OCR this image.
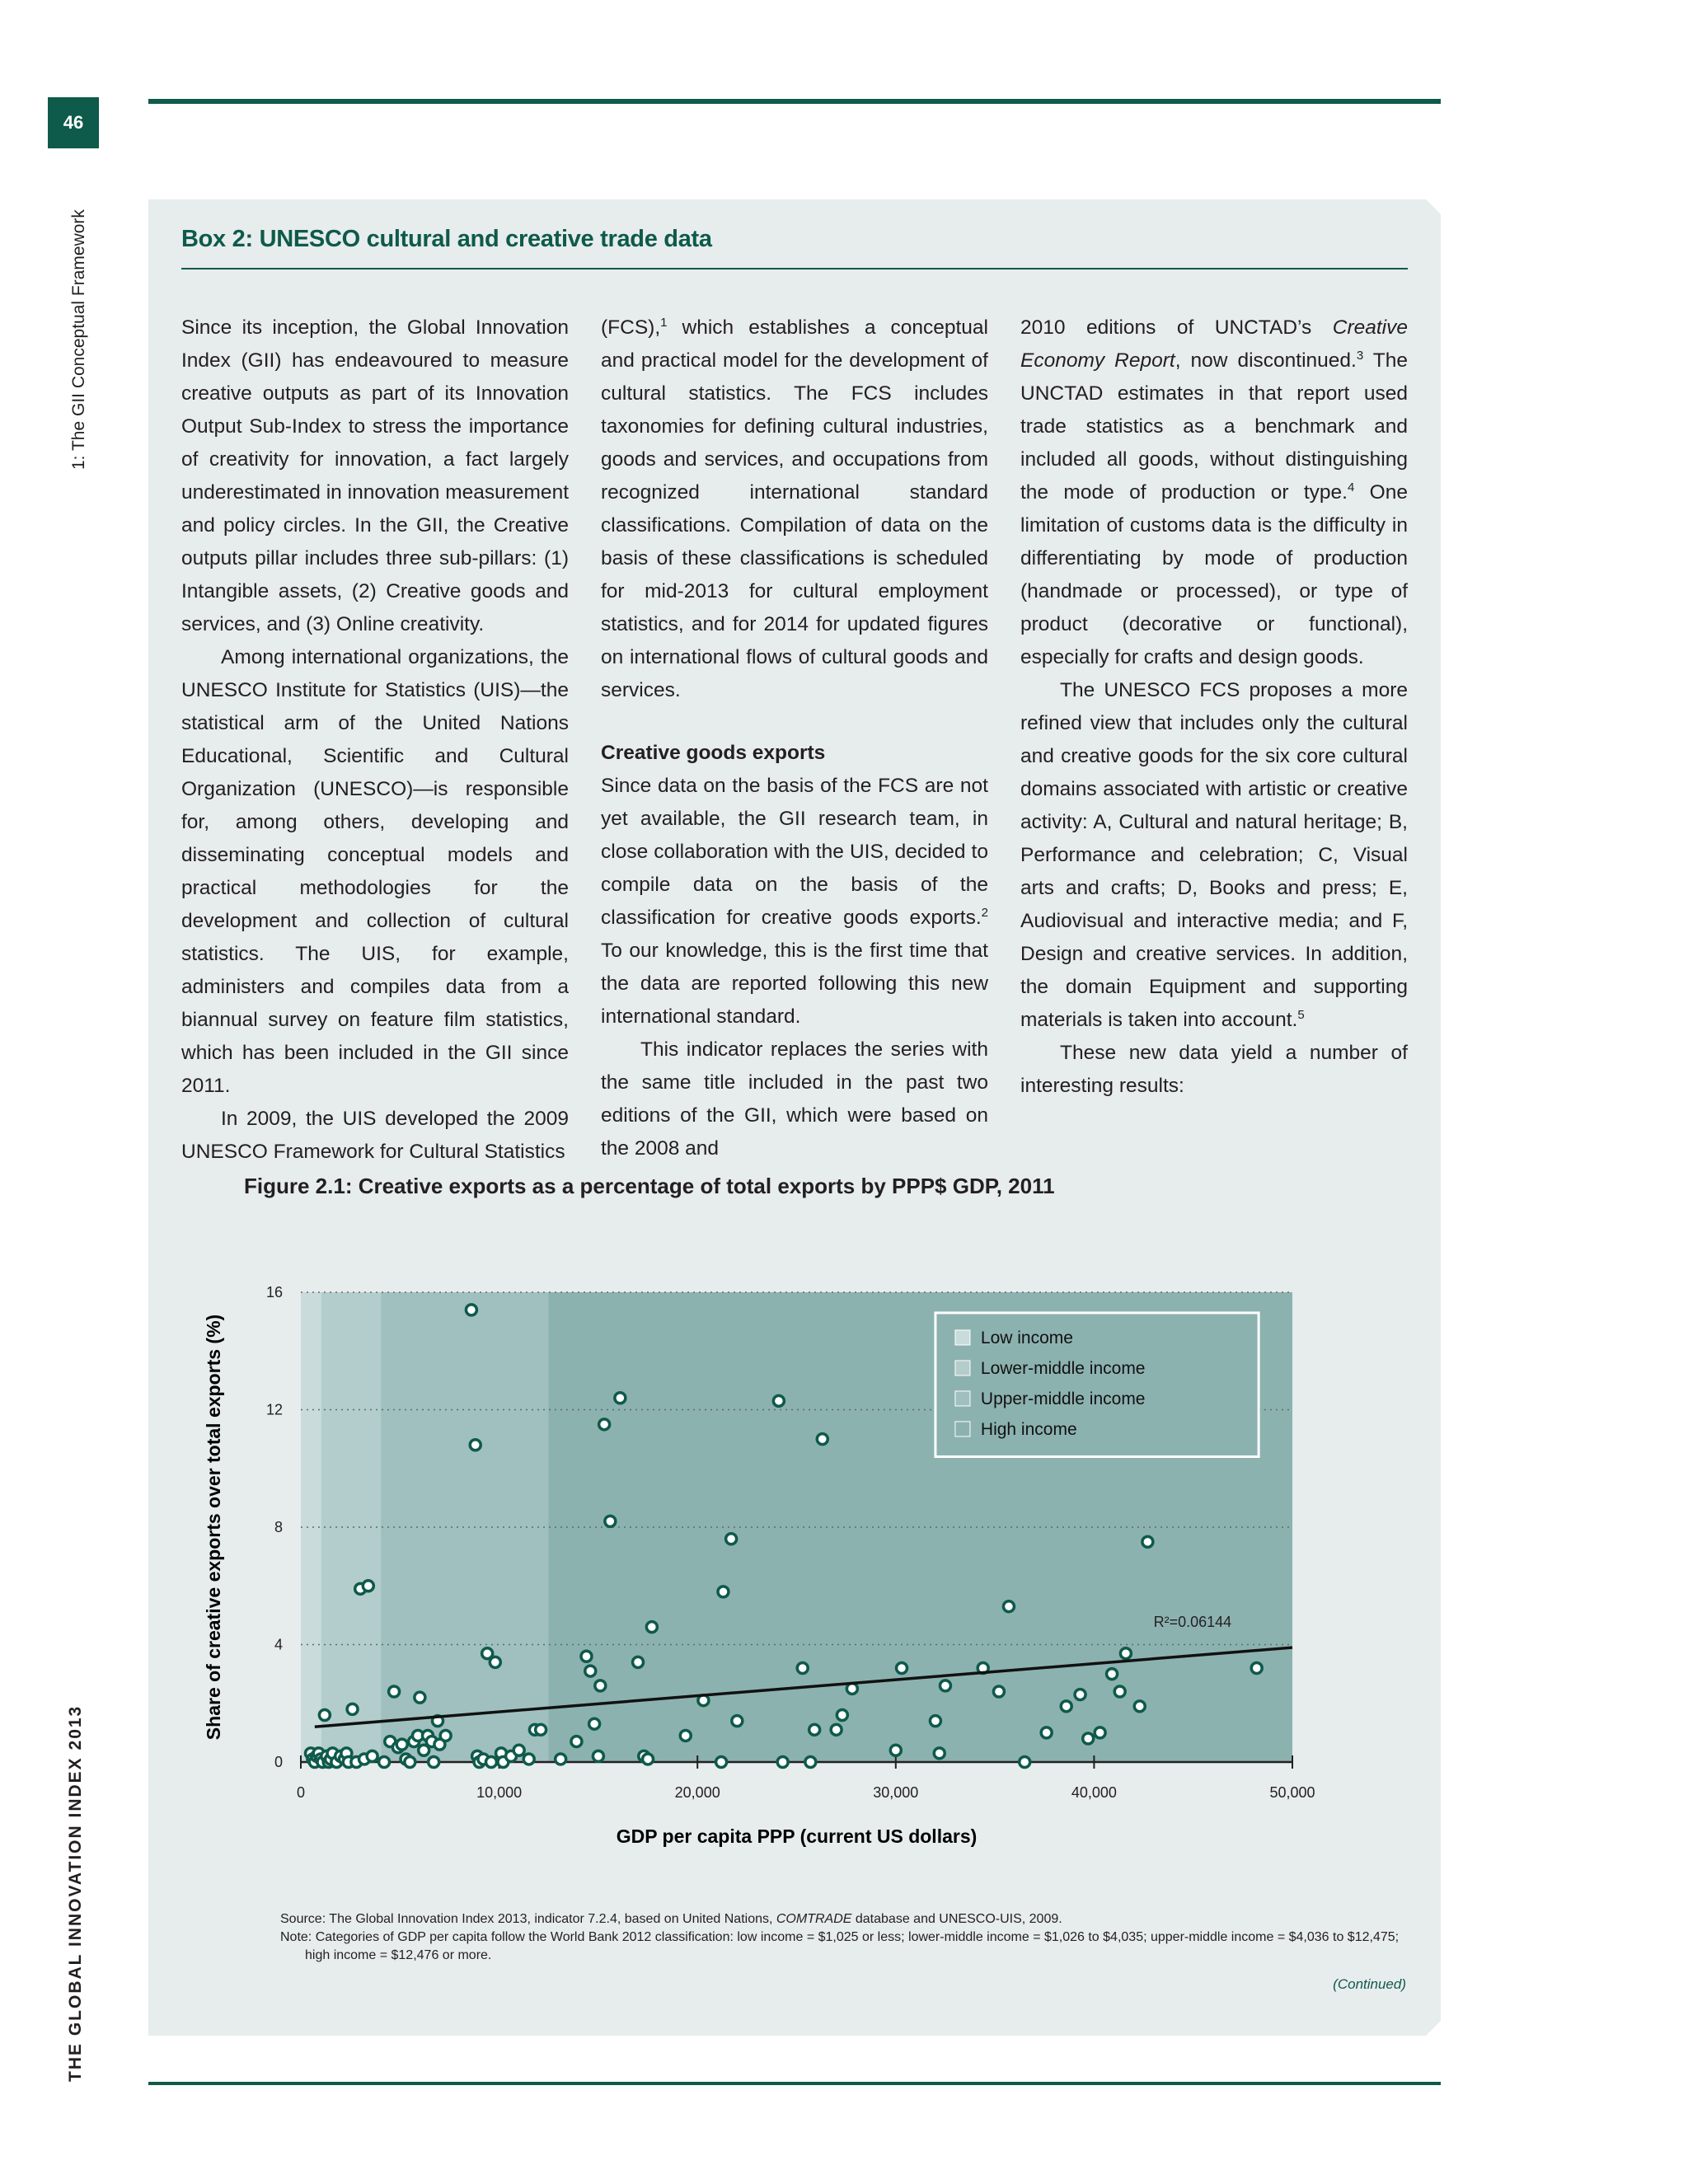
46
1: The GII Conceptual Framework
THE GLOBAL INNOVATION INDEX 2013
Box 2: UNESCO cultural and creative trade data

Since its inception, the Global Innovation Index (GII) has endeavoured to measure creative outputs as part of its Innovation Output Sub-Index to stress the importance of creativity for innovation, a fact largely underestimated in innovation measurement and policy circles. In the GII, the Creative outputs pillar includes three sub-pillars: (1) Intangible assets, (2) Creative goods and services, and (3) Online creativity.

Among international organizations, the UNESCO Institute for Statistics (UIS)—the statistical arm of the United Nations Educational, Scientific and Cultural Organization (UNESCO)—is responsible for, among others, developing and disseminating conceptual models and practical methodologies for the development and collection of cultural statistics. The UIS, for example, administers and compiles data from a biannual survey on feature film statistics, which has been included in the GII since 2011.

In 2009, the UIS developed the 2009 UNESCO Framework for Cultural Statistics

(FCS),$^1$ which establishes a conceptual and practical model for the development of cultural statistics. The FCS includes taxonomies for defining cultural industries, goods and services, and occupations from recognized international standard classifications. Compilation of data on the basis of these classifications is scheduled for mid-2013 for cultural employment statistics, and for 2014 for updated figures on international flows of cultural goods and services.

Creative goods exports

Since data on the basis of the FCS are not yet available, the GII research team, in close collaboration with the UIS, decided to compile data on the basis of the classification for creative goods exports.$^2$ To our knowledge, this is the first time that the data are reported following this new international standard.

This indicator replaces the series with the same title included in the past two editions of the GII, which were based on the 2008 and

2010 editions of UNCTAD’s Creative Economy Report, now discontinued.$^3$ The UNCTAD estimates in that report used trade statistics as a benchmark and included all goods, without distinguishing the mode of production or type.$^4$ One limitation of customs data is the difficulty in differentiating by mode of production (handmade or processed), or type of product (decorative or functional), especially for crafts and design goods.

The UNESCO FCS proposes a more refined view that includes only the cultural and creative goods for the six core cultural domains associated with artistic or creative activity: A, Cultural and natural heritage; B, Performance and celebration; C, Visual arts and crafts; D, Books and press; E, Audiovisual and interactive media; and F, Design and creative services. In addition, the domain Equipment and supporting materials is taken into account.$^5$

These new data yield a number of interesting results:

Figure 2.1: Creative exports as a percentage of total exports by PPP$ GDP, 2011
0	10,000	20,000	30,000	40,000	50,000
0
4
8
12
16
R²=0.06144
Low income
Lower-middle income
Upper-middle income
High income
GDP per capita PPP (current US dollars)
Share of creative exports over total exports (%)
Source: The Global Innovation Index 2013, indicator 7.2.4, based on United Nations, COMTRADE database and UNESCO-UIS, 2009.
Note: Categories of GDP per capita follow the World Bank 2012 classification: low income = $1,025 or less; lower-middle income = $1,026 to $4,035; upper-middle income = $4,036 to $12,475;
high income = $12,476 or more.
(Continued)
